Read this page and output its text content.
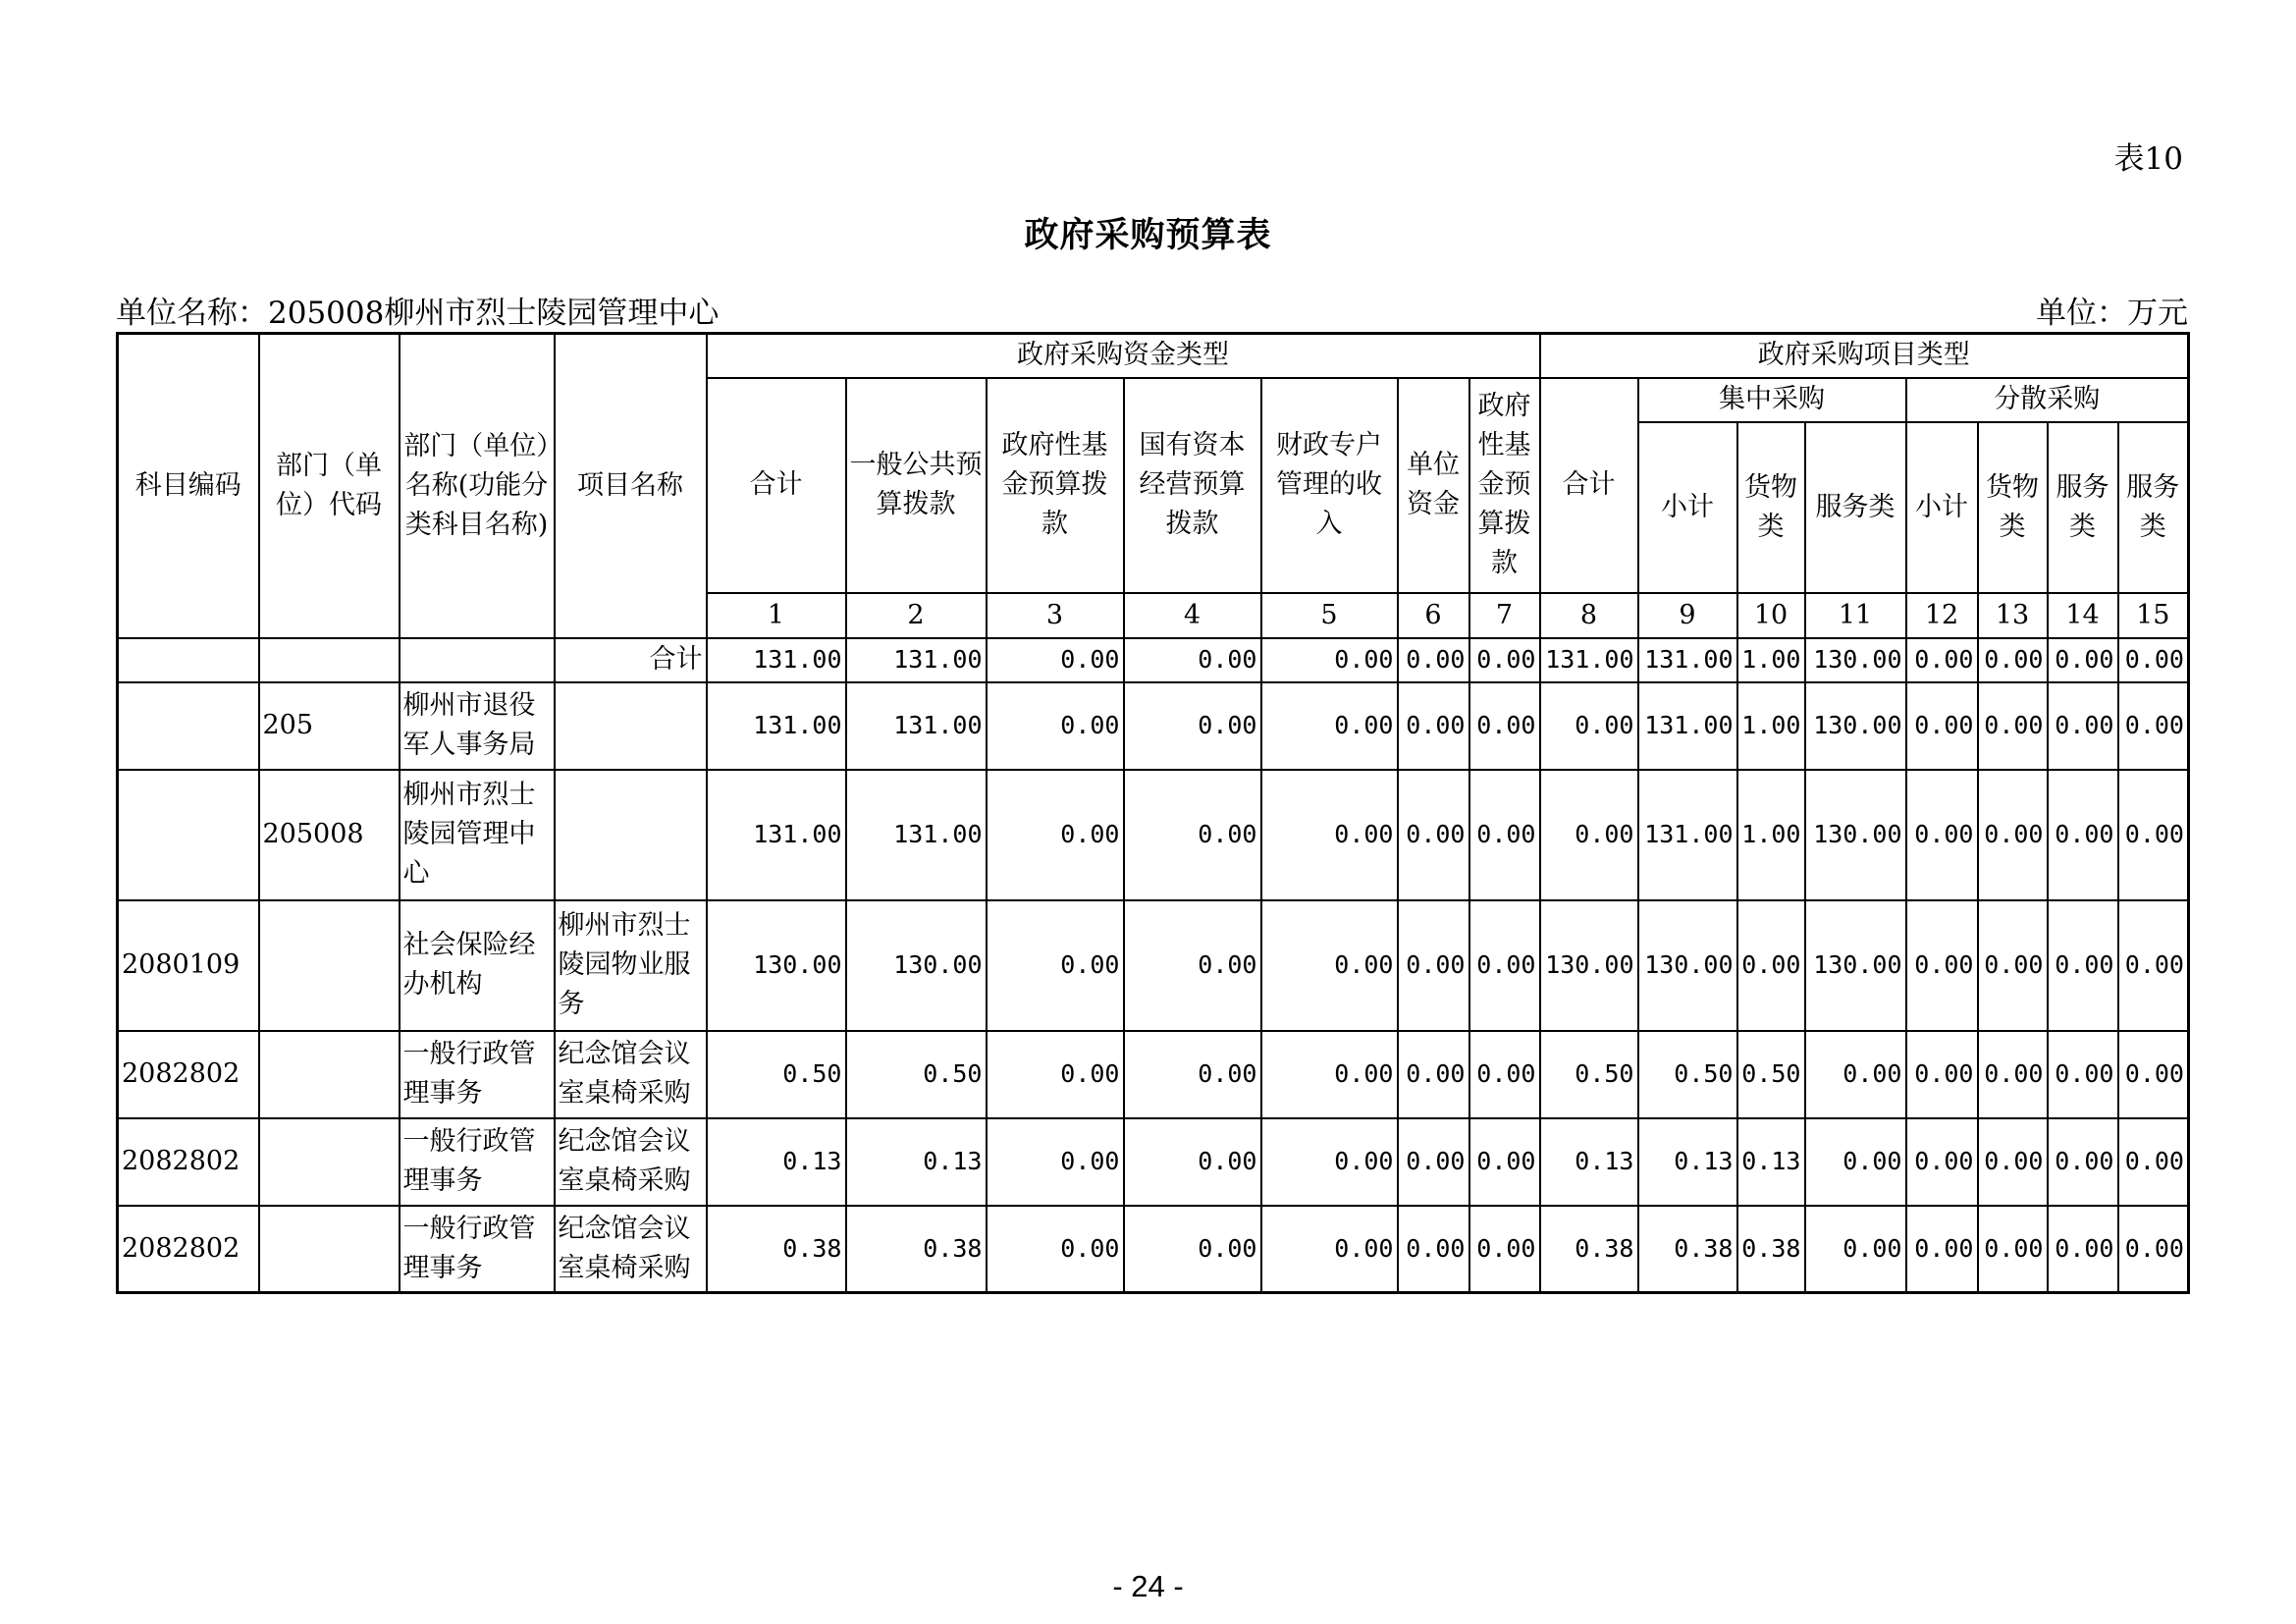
表10
政府采购预算表
单位名称：205008柳州市烈士陵园管理中心	单位：万元
科目编码	部门（单位）代码	部门（单位）名称(功能分类科目名称)	项目名称	政府采购资金类型							政府采购项目类型							
				合计	一般公共预算拨款	政府性基金预算拨款	国有资本经营预算拨款	财政专户管理的收入	单位资金	政府性基金预算拨款	合计	集中采购			分散采购			
												小计	货物类	服务类	小计	货物类	服务类	服务类
				1	2	3	4	5	6	7	8	9	10	11	12	13	14	15
			合计	131.00	131.00	0.00	0.00	0.00	0.00	0.00	131.00	131.00	1.00	130.00	0.00	0.00	0.00	0.00
	205	柳州市退役军人事务局		131.00	131.00	0.00	0.00	0.00	0.00	0.00	0.00	131.00	1.00	130.00	0.00	0.00	0.00	0.00
	205008	柳州市烈士陵园管理中心		131.00	131.00	0.00	0.00	0.00	0.00	0.00	0.00	131.00	1.00	130.00	0.00	0.00	0.00	0.00
2080109		社会保险经办机构	柳州市烈士陵园物业服务	130.00	130.00	0.00	0.00	0.00	0.00	0.00	130.00	130.00	0.00	130.00	0.00	0.00	0.00	0.00
2082802		一般行政管理事务	纪念馆会议室桌椅采购	0.50	0.50	0.00	0.00	0.00	0.00	0.00	0.50	0.50	0.50	0.00	0.00	0.00	0.00	0.00
2082802		一般行政管理事务	纪念馆会议室桌椅采购	0.13	0.13	0.00	0.00	0.00	0.00	0.00	0.13	0.13	0.13	0.00	0.00	0.00	0.00	0.00
2082802		一般行政管理事务	纪念馆会议室桌椅采购	0.38	0.38	0.00	0.00	0.00	0.00	0.00	0.38	0.38	0.38	0.00	0.00	0.00	0.00	0.00
- 24 -
